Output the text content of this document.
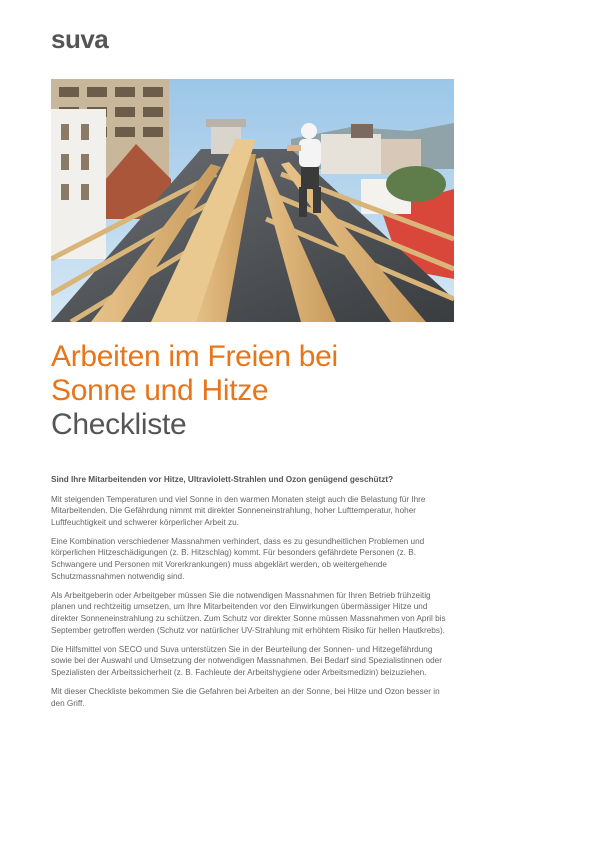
suva
Arbeiten im Freien bei
Sonne und Hitze
Checkliste

Sind Ihre Mitarbeitenden vor Hitze, Ultraviolett-Strahlen und Ozon genügend geschützt?

Mit steigenden Temperaturen und viel Sonne in den warmen Monaten steigt auch die Belastung für Ihre Mitarbeitenden. Die Gefährdung nimmt mit direkter Sonneneinstrahlung, hoher Lufttemperatur, hoher Luftfeuchtigkeit und schwerer körperlicher Arbeit zu.

Eine Kombination verschiedener Massnahmen verhindert, dass es zu gesundheitlichen Problemen und körperlichen Hitzeschädigungen (z. B. Hitzschlag) kommt. Für besonders gefährdete Personen (z. B. Schwangere und Personen mit Vorerkrankungen) muss abgeklärt werden, ob weitergehende Schutzmassnahmen notwendig sind.

Als Arbeitgeberin oder Arbeitgeber müssen Sie die notwendigen Massnahmen für Ihren Betrieb frühzeitig planen und rechtzeitig umsetzen, um Ihre Mitarbeitenden vor den Einwirkungen übermässiger Hitze und direkter Sonneneinstrahlung zu schützen. Zum Schutz vor direkter Sonne müssen Massnahmen von April bis September getroffen werden (Schutz vor natürlicher UV-Strahlung mit erhöhtem Risiko für hellen Hautkrebs).

Die Hilfsmittel von SECO und Suva unterstützen Sie in der Beurteilung der Sonnen- und Hitzegefährdung sowie bei der Auswahl und Umsetzung der notwendigen Massnahmen. Bei Bedarf sind Spezialistinnen oder Spezialisten der Arbeitssicherheit (z. B. Fachleute der Arbeitshygiene oder Arbeitsmedizin) beizuziehen.

Mit dieser Checkliste bekommen Sie die Gefahren bei Arbeiten an der Sonne, bei Hitze und Ozon besser in den Griff.
